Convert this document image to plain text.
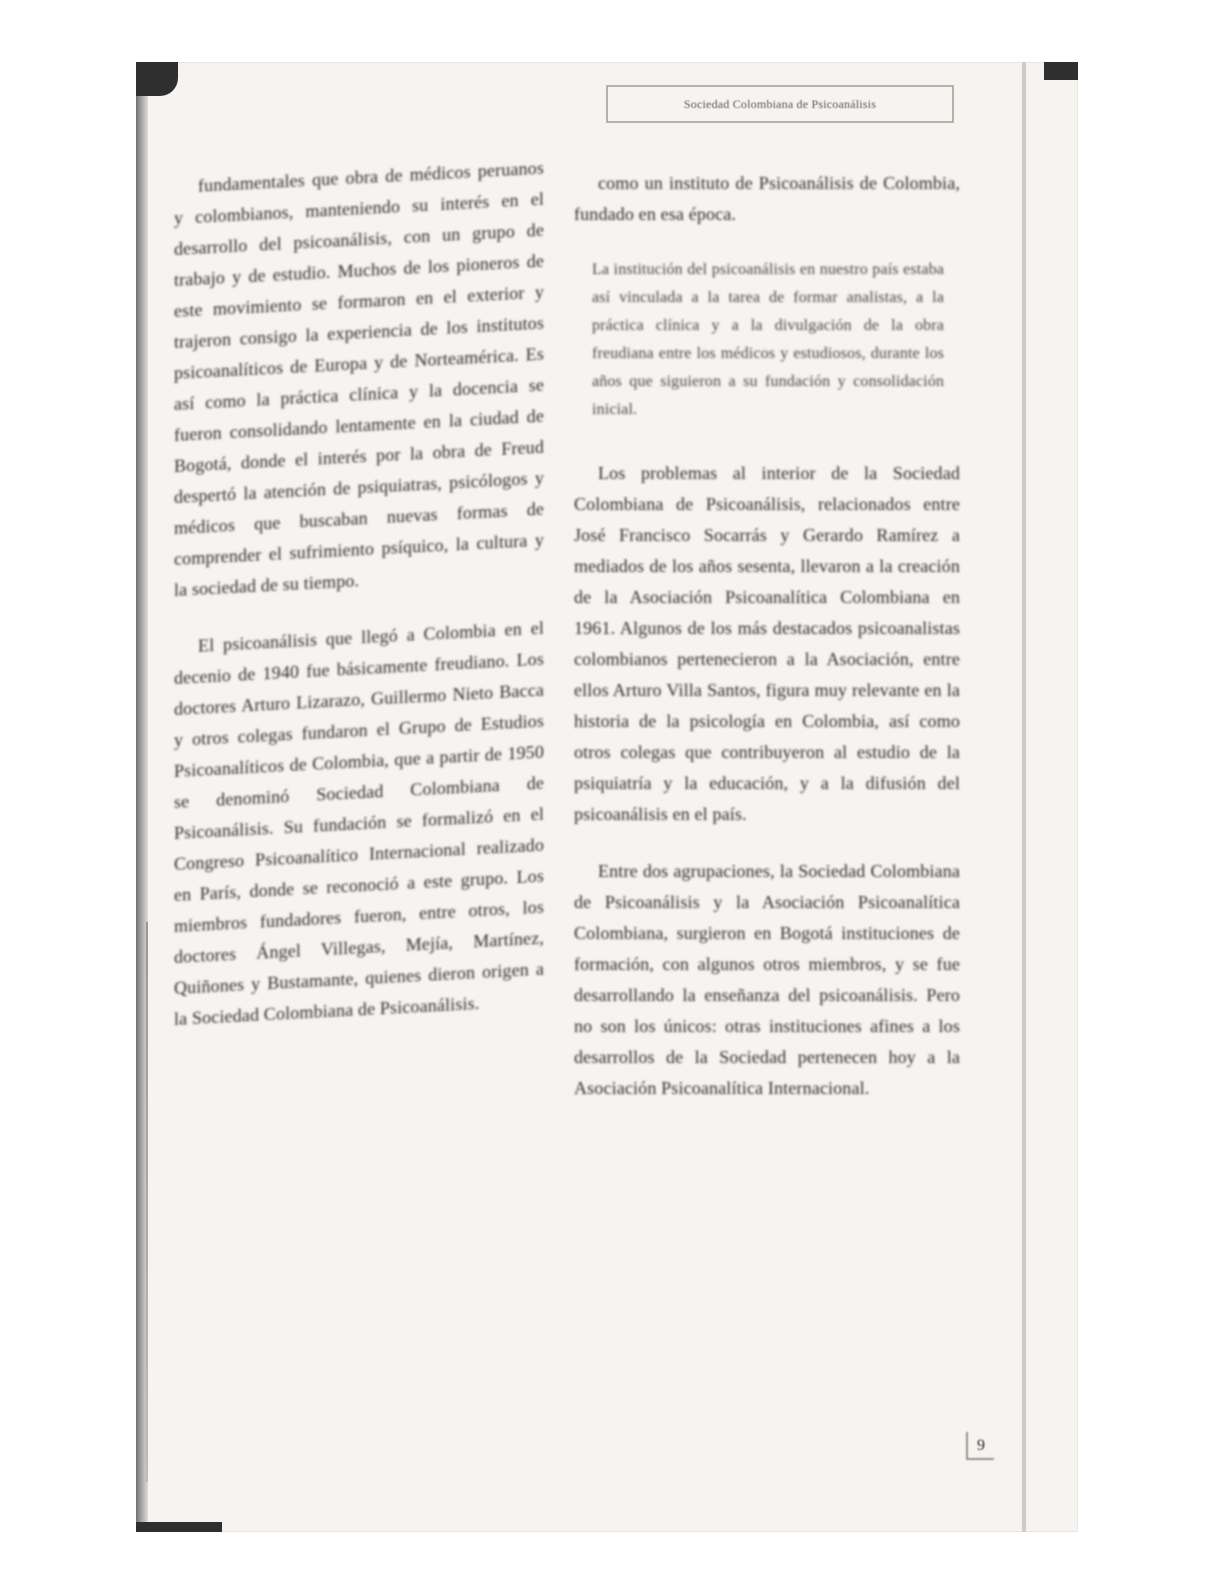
Sociedad Colombiana de Psicoanálisis

fundamentales que obra de médicos peruanos y colombianos, manteniendo su interés en el desarrollo del psicoanálisis, con un grupo de trabajo y de estudio. Muchos de los pioneros de este movimiento se formaron en el exterior y trajeron consigo la experiencia de los institutos psicoanalíticos de Europa y de Norteamérica. Es así como la práctica clínica y la docencia se fueron consolidando lentamente en la ciudad de Bogotá, donde el interés por la obra de Freud despertó la atención de psiquiatras, psicólogos y médicos que buscaban nuevas formas de comprender el sufrimiento psíquico, la cultura y la sociedad de su tiempo.

El psicoanálisis que llegó a Colombia en el decenio de 1940 fue básicamente freudiano. Los doctores Arturo Lizarazo, Guillermo Nieto Bacca y otros colegas fundaron el Grupo de Estudios Psicoanalíticos de Colombia, que a partir de 1950 se denominó Sociedad Colombiana de Psicoanálisis. Su fundación se formalizó en el Congreso Psicoanalítico Internacional realizado en París, donde se reconoció a este grupo. Los miembros fundadores fueron, entre otros, los doctores Ángel Villegas, Mejía, Martínez, Quiñones y Bustamante, quienes dieron origen a la Sociedad Colombiana de Psicoanálisis.

como un instituto de Psicoanálisis de Colombia, fundado en esa época.

La institución del psicoanálisis en nuestro país estaba así vinculada a la tarea de formar analistas, a la práctica clínica y a la divulgación de la obra freudiana entre los médicos y estudiosos, durante los años que siguieron a su fundación y consolidación inicial.

Los problemas al interior de la Sociedad Colombiana de Psicoanálisis, relacionados entre José Francisco Socarrás y Gerardo Ramírez a mediados de los años sesenta, llevaron a la creación de la Asociación Psicoanalítica Colombiana en 1961. Algunos de los más destacados psicoanalistas colombianos pertenecieron a la Asociación, entre ellos Arturo Villa Santos, figura muy relevante en la historia de la psicología en Colombia, así como otros colegas que contribuyeron al estudio de la psiquiatría y la educación, y a la difusión del psicoanálisis en el país.

Entre dos agrupaciones, la Sociedad Colombiana de Psicoanálisis y la Asociación Psicoanalítica Colombiana, surgieron en Bogotá instituciones de formación, con algunos otros miembros, y se fue desarrollando la enseñanza del psicoanálisis. Pero no son los únicos: otras instituciones afines a los desarrollos de la Sociedad pertenecen hoy a la Asociación Psicoanalítica Internacional.

9
